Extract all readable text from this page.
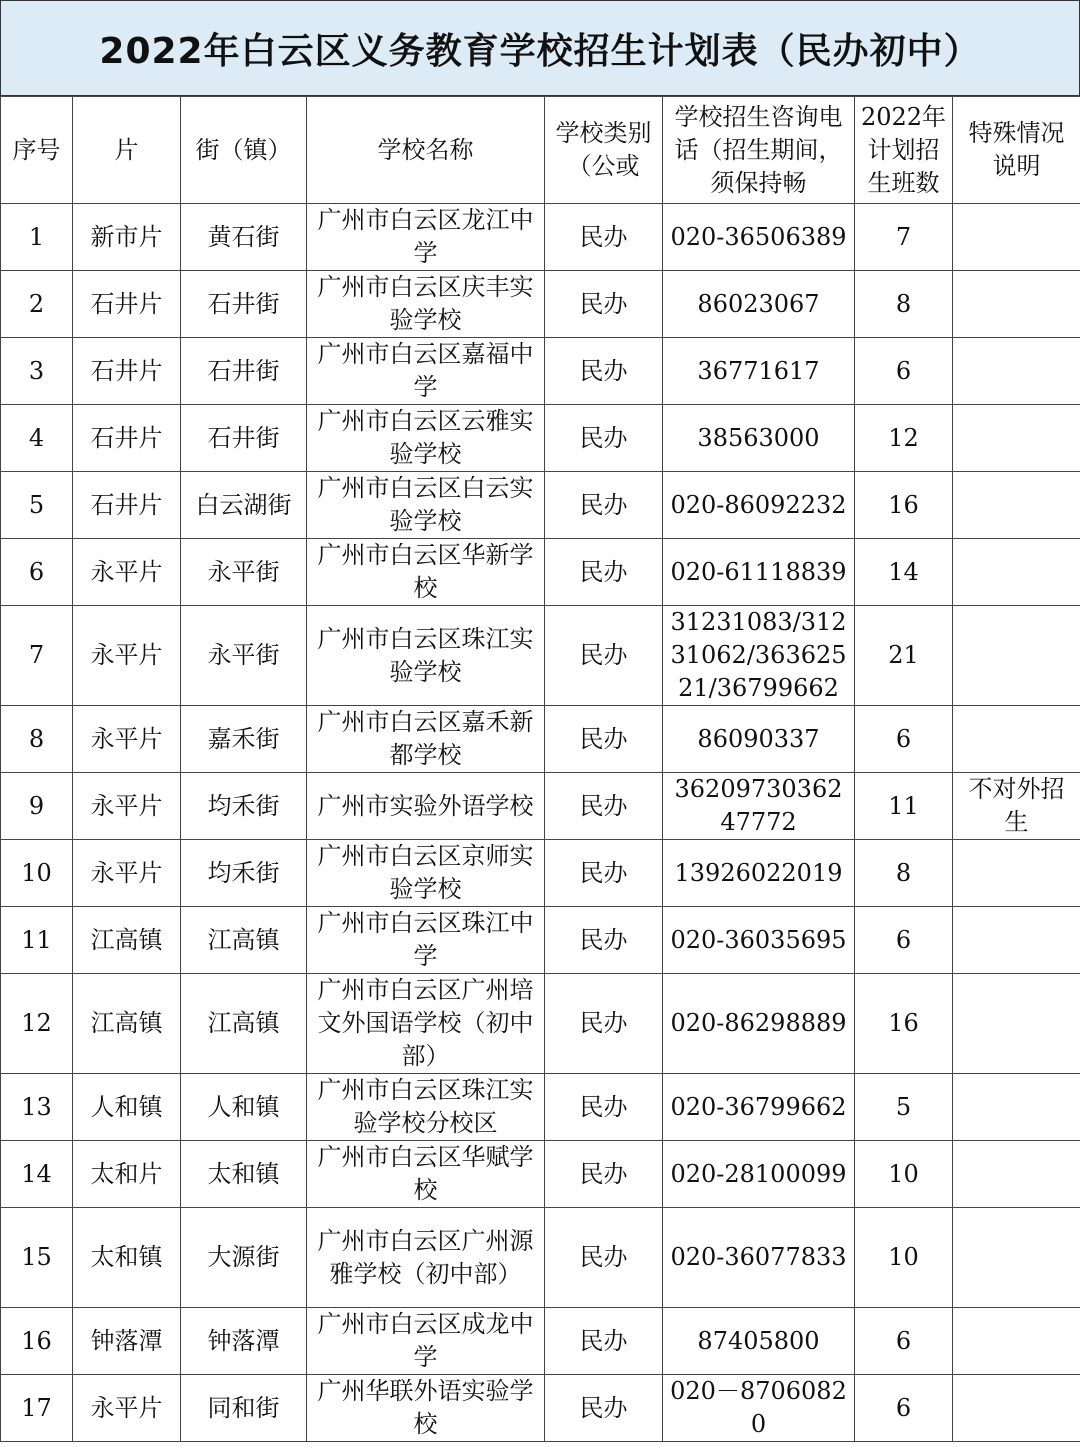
2022年白云区义务教育学校招生计划表（民办初中）
序号	片	街（镇）	学校名称	学校类别（公或	学校招生咨询电话（招生期间，须保持畅	2022年计划招生班数	特殊情况说明

1	新市片	黄石街	广州市白云区龙江中学	民办	020-36506389	7	
2	石井片	石井街	广州市白云区庆丰实验学校	民办	86023067	8	
3	石井片	石井街	广州市白云区嘉福中学	民办	36771617	6	
4	石井片	石井街	广州市白云区云雅实验学校	民办	38563000	12	
5	石井片	白云湖街	广州市白云区白云实验学校	民办	020-86092232	16	
6	永平片	永平街	广州市白云区华新学校	民办	020-61118839	14	
7	永平片	永平街	广州市白云区珠江实验学校	民办	31231083/31231062/36362521/36799662	21	
8	永平片	嘉禾街	广州市白云区嘉禾新都学校	民办	86090337	6	
9	永平片	均禾街	广州市实验外语学校	民办	3620973036247772	11	不对外招生
10	永平片	均禾街	广州市白云区京师实验学校	民办	13926022019	8	
11	江高镇	江高镇	广州市白云区珠江中学	民办	020-36035695	6	
12	江高镇	江高镇	广州市白云区广州培文外国语学校（初中部）	民办	020-86298889	16	
13	人和镇	人和镇	广州市白云区珠江实验学校分校区	民办	020-36799662	5	
14	太和片	太和镇	广州市白云区华赋学校	民办	020-28100099	10	
15	太和镇	大源街	广州市白云区广州源雅学校（初中部）	民办	020-36077833	10	
16	钟落潭	钟落潭	广州市白云区成龙中学	民办	87405800	6	
17	永平片	同和街	广州华联外语实验学校	民办	020－87060820	6	
